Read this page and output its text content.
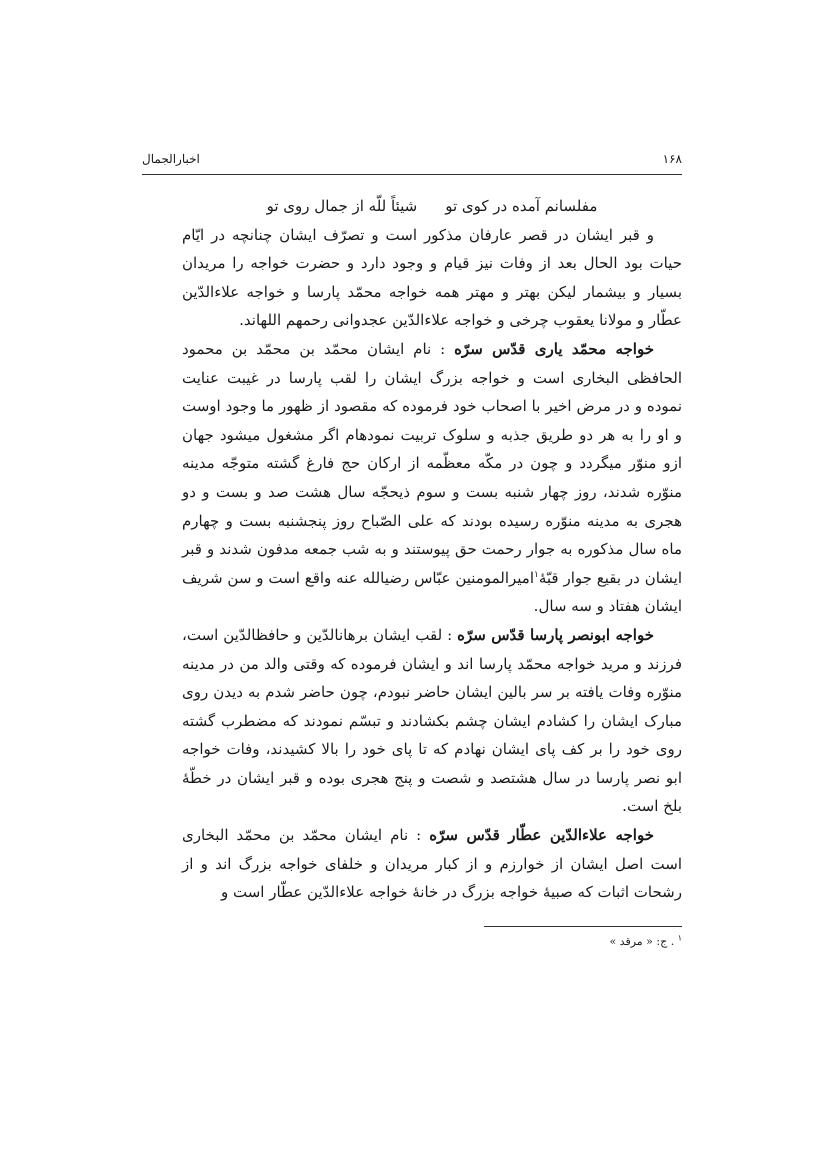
۱۶۸
اخبارالجمال
مفلسانم آمده در کوی تو
شیئاً للّه از جمال روی تو

و قبر ایشان در قصر عارفان مذکور است و تصرّف ایشان چنانچه در ایّام حیات بود الحال بعد از وفات نیز قیام و وجود دارد و حضرت خواجه را مریدان بسیار و بیشمار لیکن بهتر و مهتر همه خواجه محمّد پارسا و خواجه علاءالدّین عطّار و مولانا یعقوب چرخی و خواجه علاءالدّین عجدوانی رحمهم اللهاند.

خواجه محمّد یاری قدّس سرّه : نام ایشان محمّد بن محمّد بن محمود الحافظی البخاری است و خواجه بزرگ ایشان را لقب پارسا در غیبت عنایت نموده و در مرض اخیر با اصحاب خود فرموده که مقصود از ظهور ما وجود اوست و او را به هر دو طریق جذبه و سلوک تربیت نمودهام اگر مشغول میشود جهان ازو منوّر میگردد و چون در مکّه معظّمه از ارکان حج فارغ گشته متوجّه مدینه منوّره شدند، روز چهار شنبه بست و سوم ذیحجّه سال هشت صد و بست و دو هجری به مدینه منوّره رسیده بودند که علی الصّباح روز پنجشنبه بست و چهارم ماه سال مذکوره به جوار رحمت حق پیوستند و به شب جمعه مدفون شدند و قبر ایشان در بقیع جوار قبّهٔ$^۱$امیرالمومنین عبّاس رضیالله عنه واقع است و سن شریف ایشان هفتاد و سه سال.

خواجه ابونصر پارسا قدّس سرّه : لقب ایشان برهانالدّین و حافظالدّین است، فرزند و مرید خواجه محمّد پارسا اند و ایشان فرموده که وقتی والد من در مدینه منوّره وفات یافته بر سر بالین ایشان حاضر نبودم، چون حاضر شدم به دیدن روی مبارک ایشان را کشادم ایشان چشم بکشادند و تبسّم نمودند که مضطرب گشته روی خود را بر کف پای ایشان نهادم که تا پای خود را بالا کشیدند، وفات خواجه ابو نصر پارسا در سال هشتصد و شصت و پنج هجری بوده و قبر ایشان در خطّهٔ بلخ است.

خواجه علاءالدّین عطّار قدّس سرّه : نام ایشان محمّد بن محمّد البخاری است اصل ایشان از خوارزم و از کبار مریدان و خلفای خواجه بزرگ اند و از رشحات اثبات که صبیهٔ خواجه بزرگ در خانهٔ خواجه علاءالدّین عطّار است و

$^۱$ . ج: « مرقد »
